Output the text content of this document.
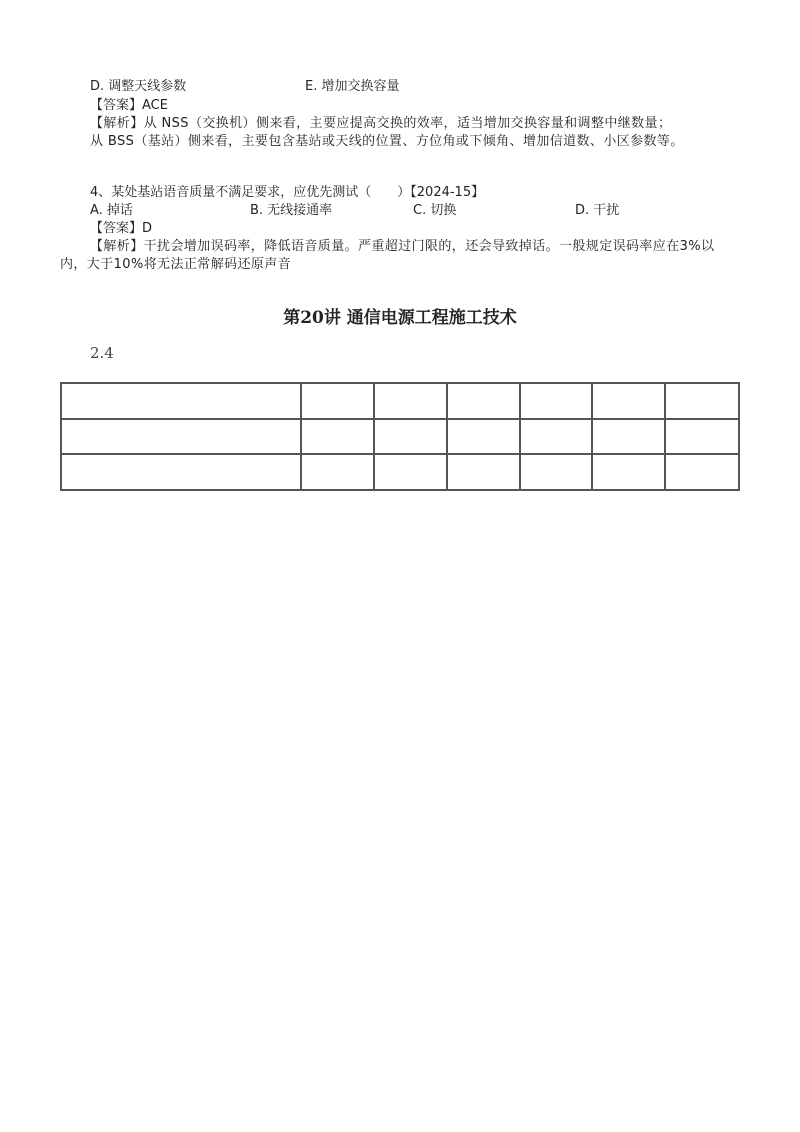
D. 调整天线参数	E. 增加交换容量
【答案】ACE
【解析】从 NSS（交换机）侧来看，主要应提高交换的效率，适当增加交换容量和调整中继数量；
从 BSS（基站）侧来看，主要包含基站或天线的位置、方位角或下倾角、增加信道数、小区参数等。
4、某处基站语音质量不满足要求，应优先测试（　　）【2024-15】
A. 掉话	B. 无线接通率	C. 切换	D. 干扰
【答案】D
【解析】干扰会增加误码率，降低语音质量。严重超过门限的，还会导致掉话。一般规定误码率应在3%以内，大于10%将无法正常解码还原声音
第20讲 通信电源工程施工技术
2.4
